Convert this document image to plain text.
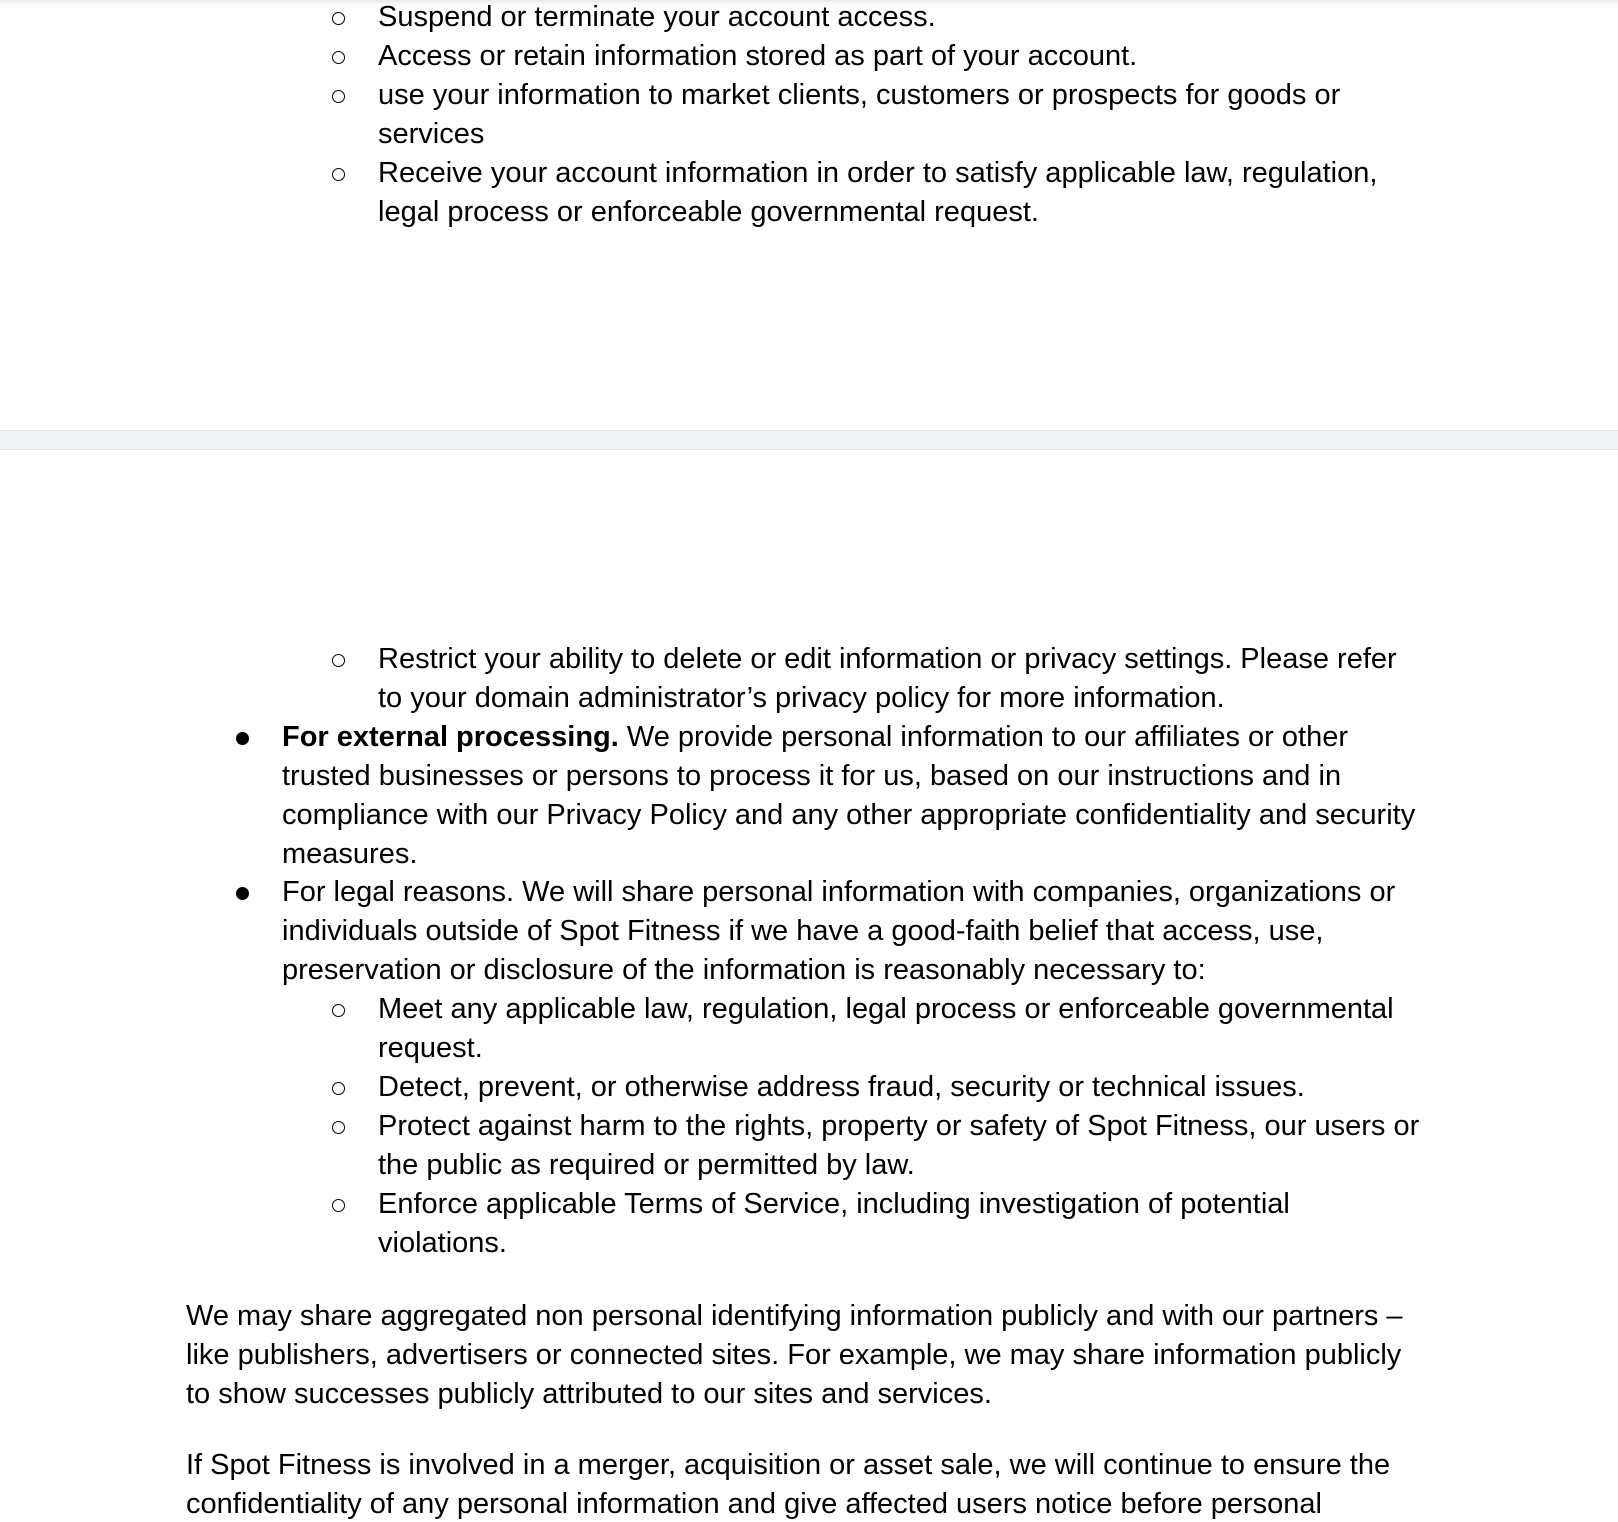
Suspend or terminate your account access.
Access or retain information stored as part of your account.
use your information to market clients, customers or prospects for goods or services
Receive your account information in order to satisfy applicable law, regulation, legal process or enforceable governmental request.
Restrict your ability to delete or edit information or privacy settings. Please refer to your domain administrator’s privacy policy for more information.
For external processing. We provide personal information to our affiliates or other trusted businesses or persons to process it for us, based on our instructions and in compliance with our Privacy Policy and any other appropriate confidentiality and security measures.
For legal reasons. We will share personal information with companies, organizations or individuals outside of Spot Fitness if we have a good-faith belief that access, use, preservation or disclosure of the information is reasonably necessary to:
Meet any applicable law, regulation, legal process or enforceable governmental request.
Detect, prevent, or otherwise address fraud, security or technical issues.
Protect against harm to the rights, property or safety of Spot Fitness, our users or the public as required or permitted by law.
Enforce applicable Terms of Service, including investigation of potential violations.
We may share aggregated non personal identifying information publicly and with our partners – like publishers, advertisers or connected sites. For example, we may share information publicly to show successes publicly attributed to our sites and services.
If Spot Fitness is involved in a merger, acquisition or asset sale, we will continue to ensure the confidentiality of any personal information and give affected users notice before personal
